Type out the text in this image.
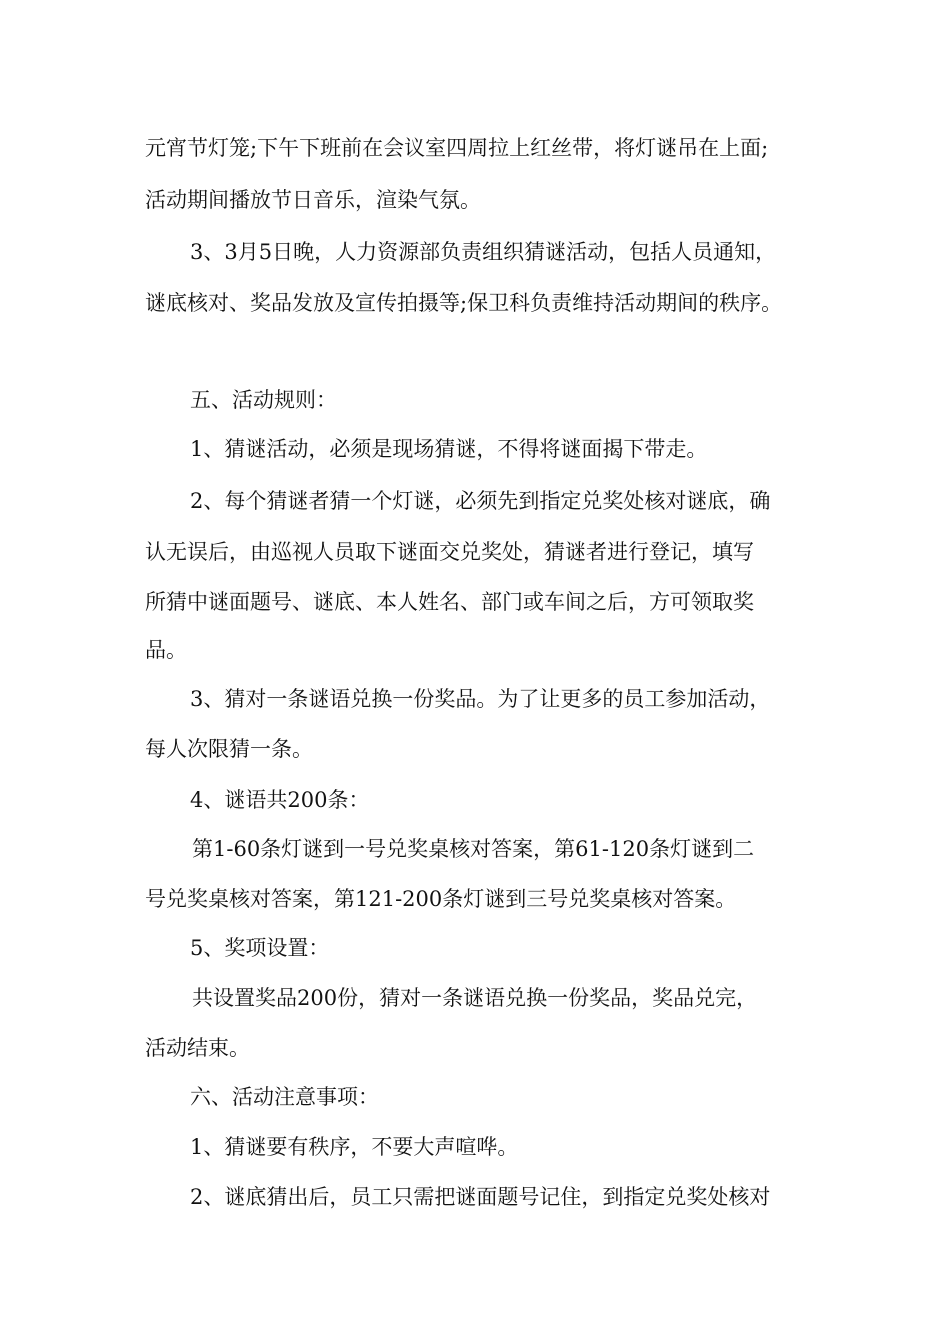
元宵节灯笼;下午下班前在会议室四周拉上红丝带，将灯谜吊在上面;
活动期间播放节日音乐，渲染气氛。
3、3月5日晚，人力资源部负责组织猜谜活动，包括人员通知，
谜底核对、奖品发放及宣传拍摄等;保卫科负责维持活动期间的秩序。
五、活动规则：
1、猜谜活动，必须是现场猜谜，不得将谜面揭下带走。
2、每个猜谜者猜一个灯谜，必须先到指定兑奖处核对谜底，确
认无误后，由巡视人员取下谜面交兑奖处，猜谜者进行登记，填写
所猜中谜面题号、谜底、本人姓名、部门或车间之后，方可领取奖
品。
3、猜对一条谜语兑换一份奖品。为了让更多的员工参加活动，
每人次限猜一条。
4、谜语共200条：
第1-60条灯谜到一号兑奖桌核对答案，第61-120条灯谜到二
号兑奖桌核对答案，第121-200条灯谜到三号兑奖桌核对答案。
5、奖项设置：
共设置奖品200份，猜对一条谜语兑换一份奖品，奖品兑完，
活动结束。
六、活动注意事项：
1、猜谜要有秩序，不要大声喧哗。
2、谜底猜出后，员工只需把谜面题号记住，到指定兑奖处核对
